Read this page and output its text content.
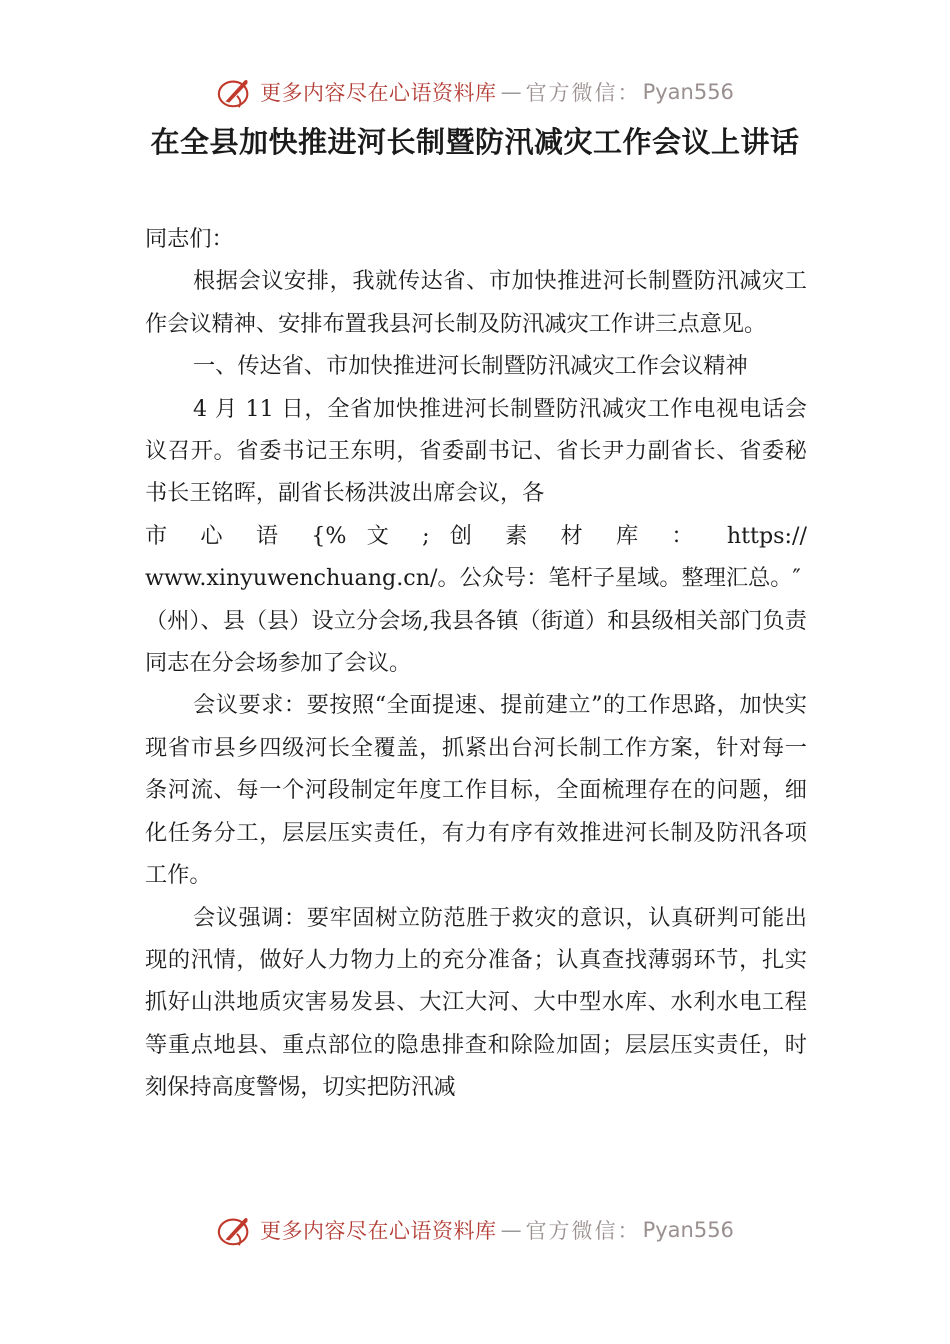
更多内容尽在心语资料库 — 官方微信： Pyan556
在全县加快推进河长制暨防汛减灾工作会议上讲话

同志们：

根据会议安排，我就传达省、市加快推进河长制暨防汛减灾工作会议精神、安排布置我县河长制及防汛减灾工作讲三点意见。

一、传达省、市加快推进河长制暨防汛减灾工作会议精神

4 月 11 日，全省加快推进河长制暨防汛减灾工作电视电话会议召开。省委书记王东明，省委副书记、省长尹力副省长、省委秘书长王铭晖，副省长杨洪波出席会议，各

市 心 语 {% 文 ; 创 素 材 库 ： https://

www.xinyuwenchuang.cn/。公众号：笔杆子星域。整理汇总。″

（州）、县（县）设立分会场,我县各镇（街道）和县级相关部门负责同志在分会场参加了会议。

会议要求：要按照“全面提速、提前建立”的工作思路，加快实现省市县乡四级河长全覆盖，抓紧出台河长制工作方案，针对每一条河流、每一个河段制定年度工作目标，全面梳理存在的问题，细化任务分工，层层压实责任，有力有序有效推进河长制及防汛各项工作。

会议强调：要牢固树立防范胜于救灾的意识，认真研判可能出现的汛情，做好人力物力上的充分准备；认真查找薄弱环节，扎实抓好山洪地质灾害易发县、大江大河、大中型水库、水利水电工程等重点地县、重点部位的隐患排查和除险加固；层层压实责任，时刻保持高度警惕，切实把防汛减

更多内容尽在心语资料库 — 官方微信： Pyan556
